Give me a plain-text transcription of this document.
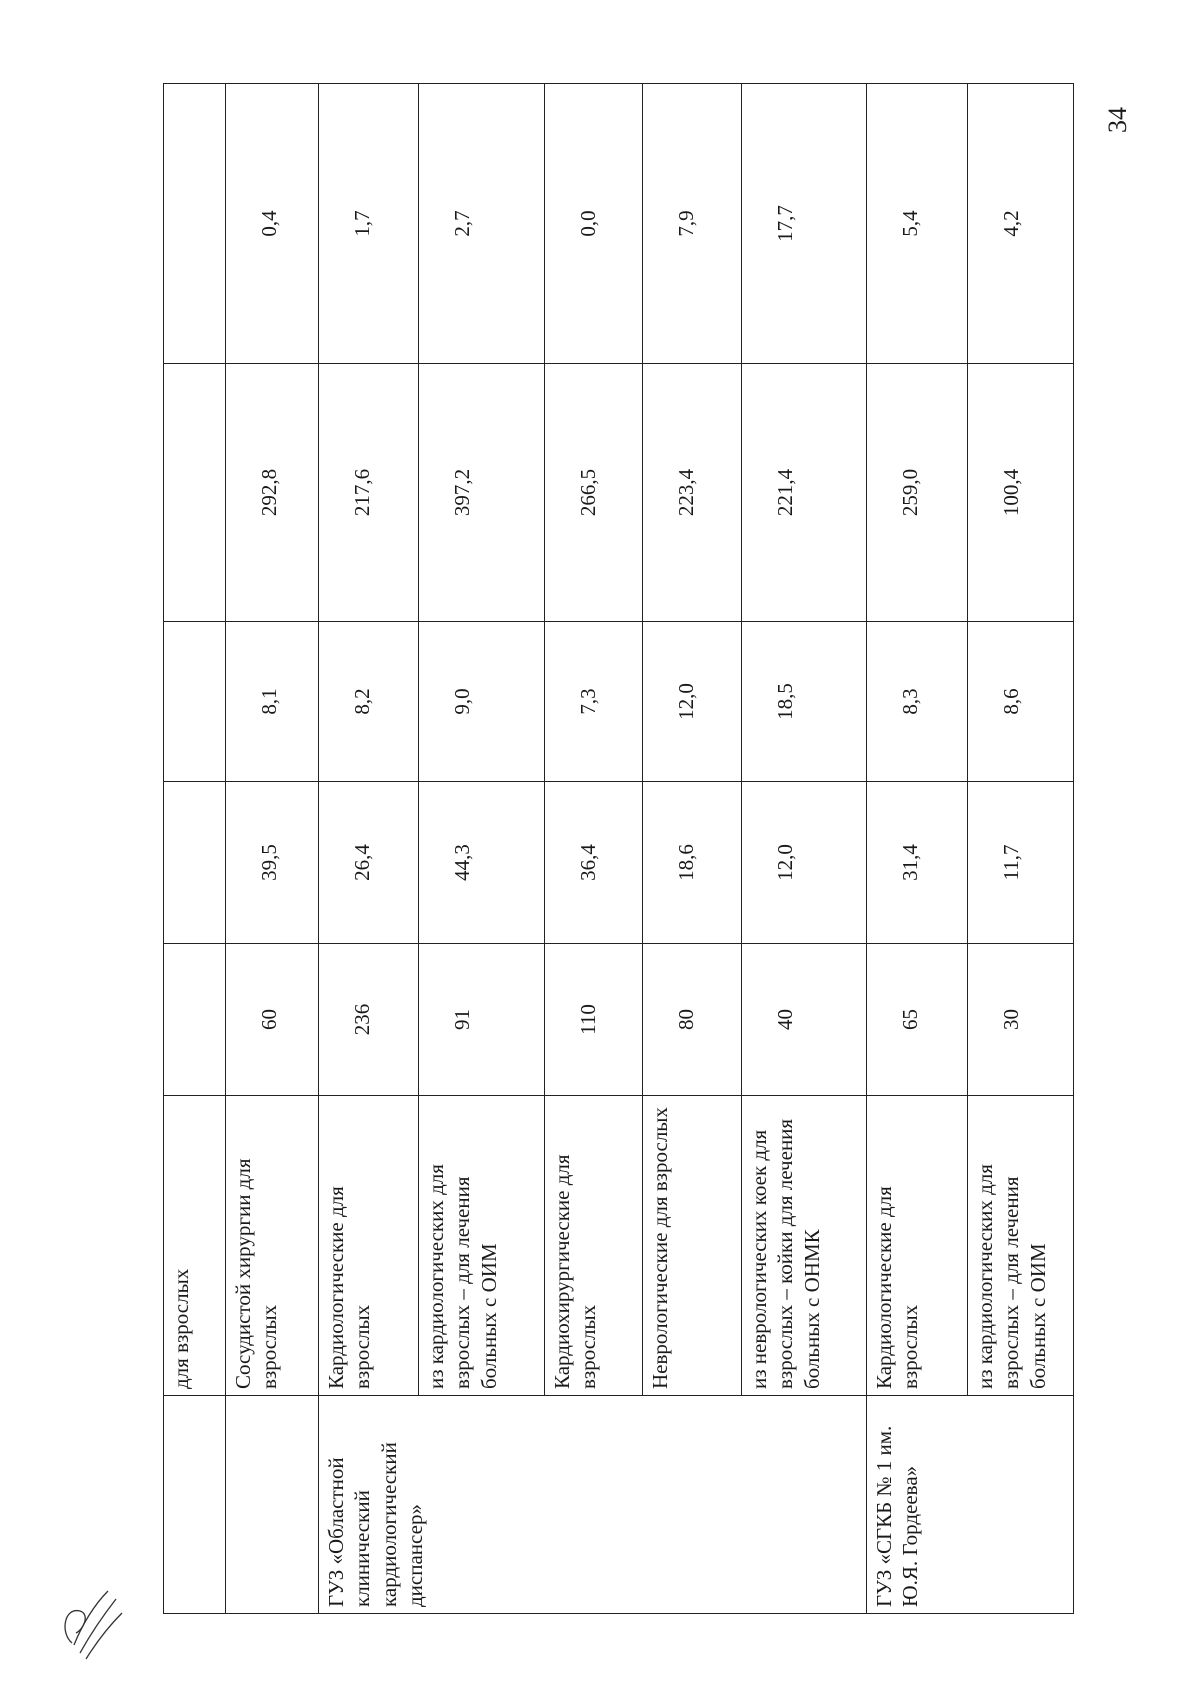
	для взрослых					
	Сосудистой хирургии для взрослых	60	39,5	8,1	292,8	0,4
ГУЗ «Областной клинический кардиологический диспансер»	Кардиологические для взрослых	236	26,4	8,2	217,6	1,7
	из кардиологических для взрослых – для лечения больных с ОИМ	91	44,3	9,0	397,2	2,7
	Кардиохирургические для взрослых	110	36,4	7,3	266,5	0,0
	Неврологические для взрослых	80	18,6	12,0	223,4	7,9
	из неврологических коек для взрослых – койки для лечения больных с ОНМК	40	12,0	18,5	221,4	17,7
ГУЗ «СГКБ № 1 им. Ю.Я. Гордеева»	Кардиологические для взрослых	65	31,4	8,3	259,0	5,4
	из кардиологических для взрослых – для лечения больных с ОИМ	30	11,7	8,6	100,4	4,2
34
